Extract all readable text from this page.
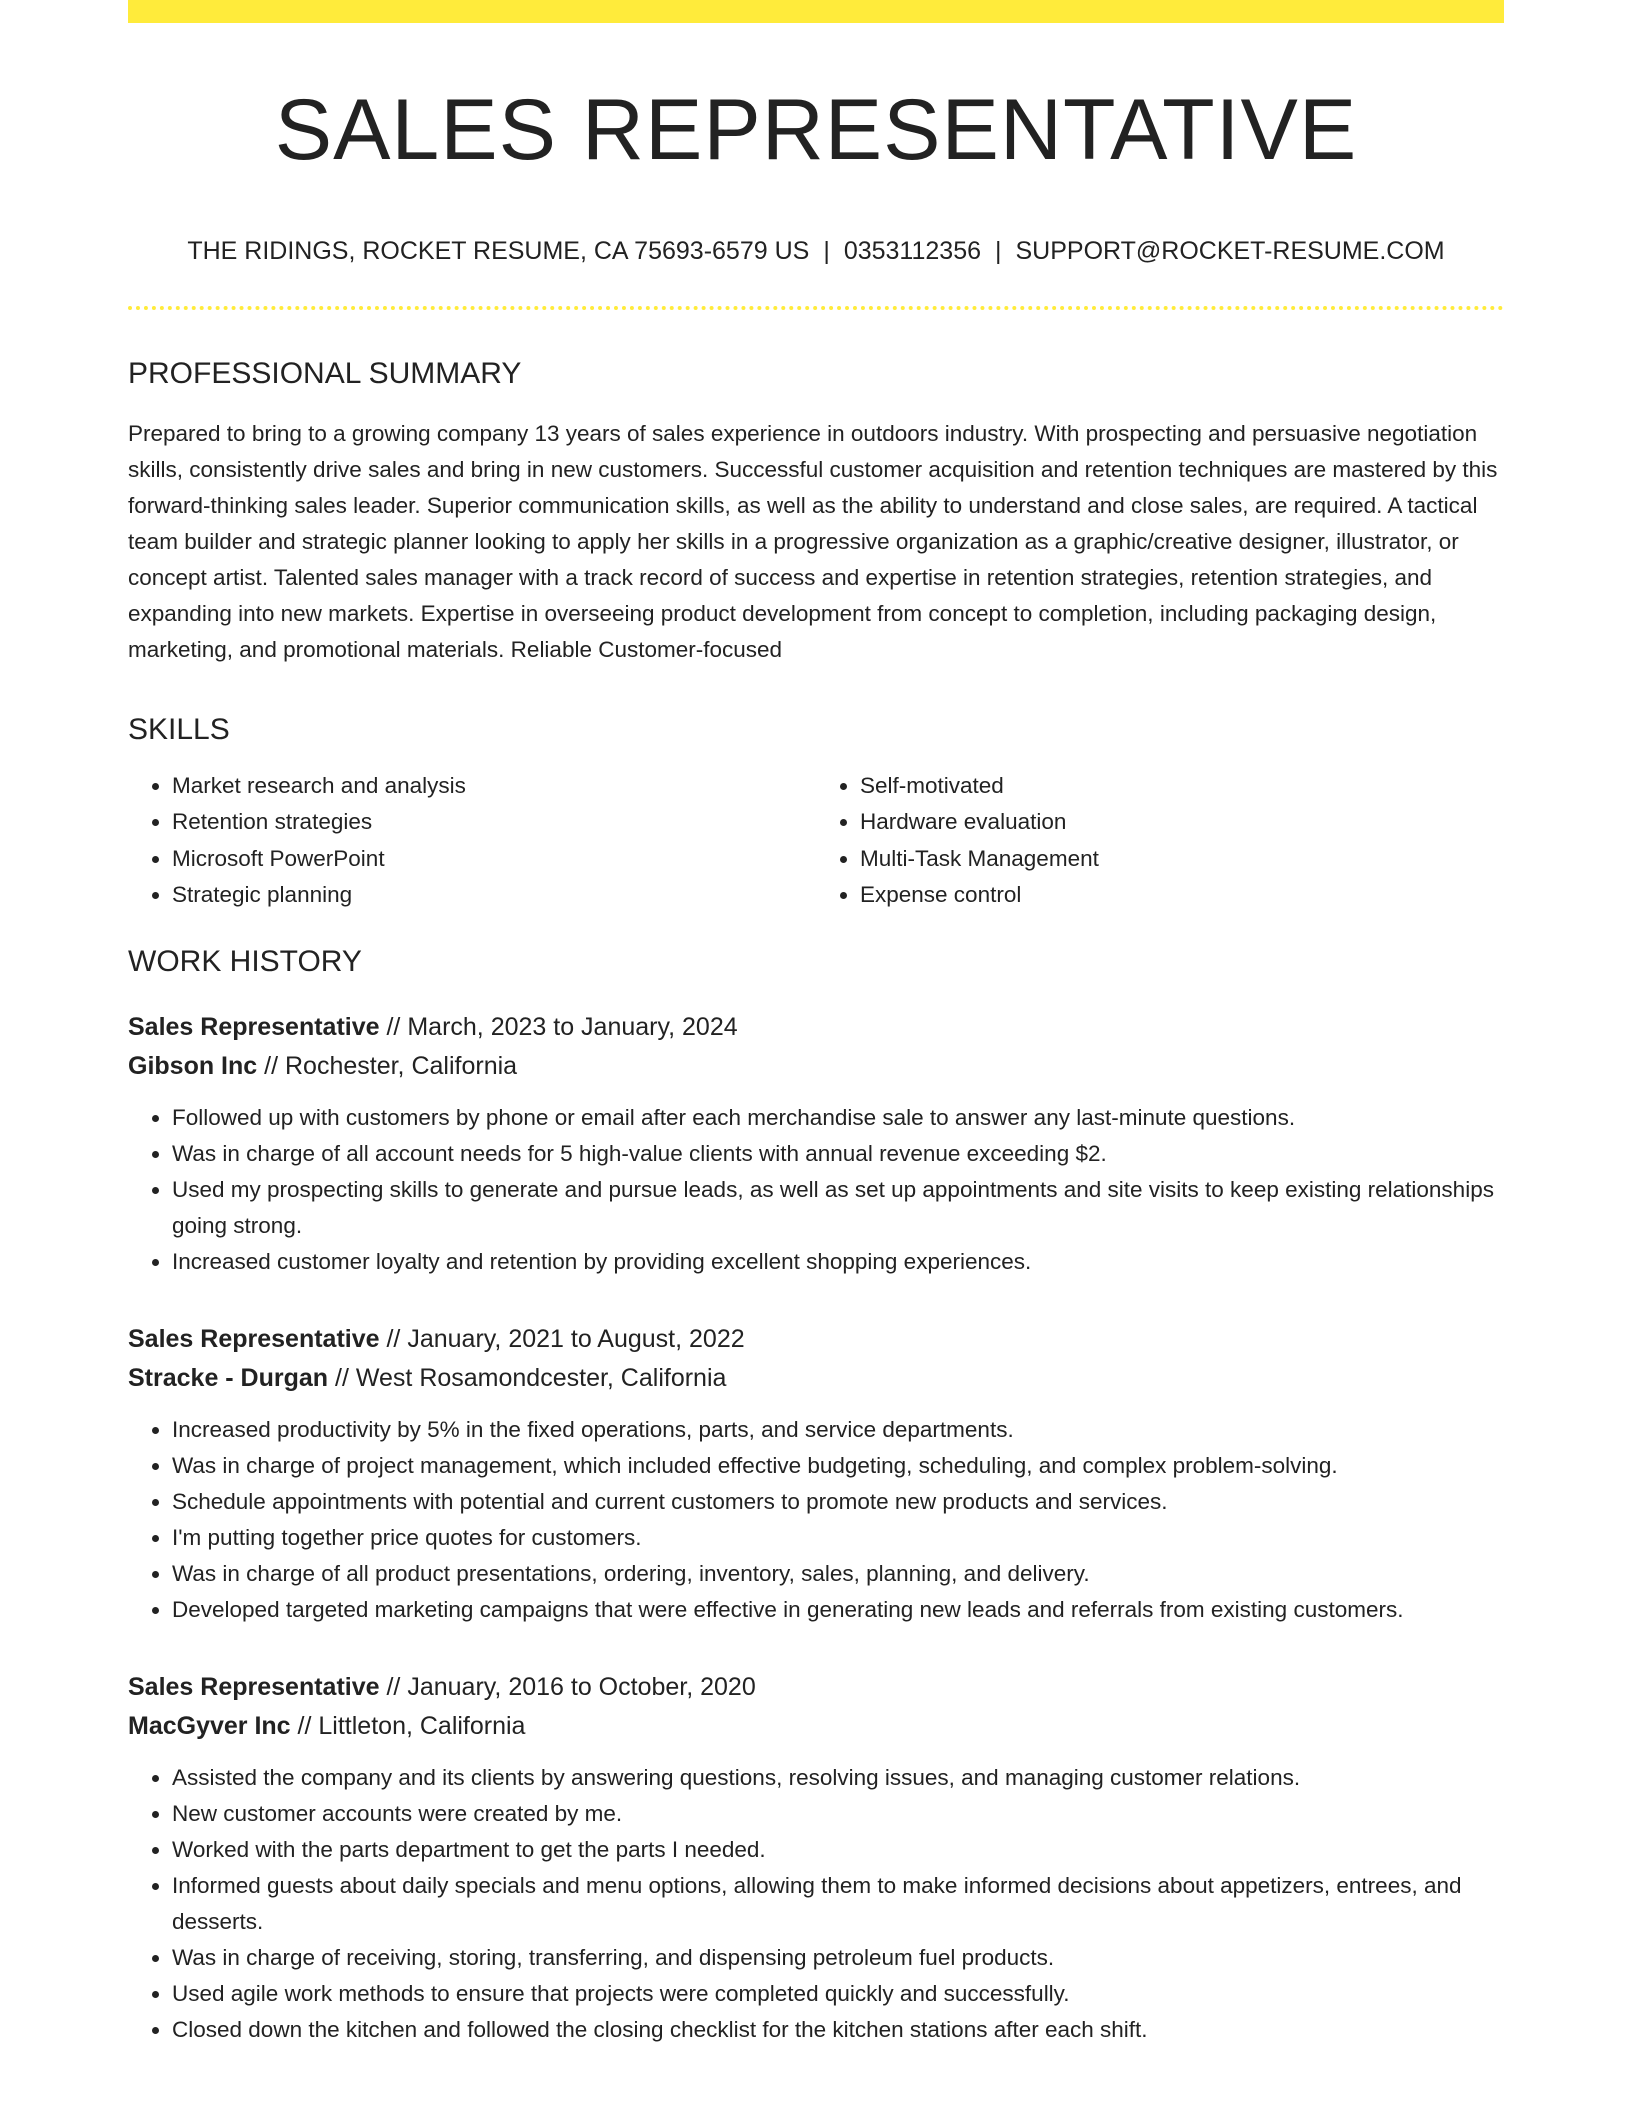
SALES REPRESENTATIVE
THE RIDINGS, ROCKET RESUME, CA 75693-6579 US | 0353112356 | SUPPORT@ROCKET-RESUME.COM
PROFESSIONAL SUMMARY

Prepared to bring to a growing company 13 years of sales experience in outdoors industry. With prospecting and persuasive negotiation skills, consistently drive sales and bring in new customers. Successful customer acquisition and retention techniques are mastered by this forward-thinking sales leader. Superior communication skills, as well as the ability to understand and close sales, are required. A tactical team builder and strategic planner looking to apply her skills in a progressive organization as a graphic/creative designer, illustrator, or concept artist. Talented sales manager with a track record of success and expertise in retention strategies, retention strategies, and expanding into new markets. Expertise in overseeing product development from concept to completion, including packaging design, marketing, and promotional materials. Reliable Customer-focused

SKILLS
• Market research and analysis
• Retention strategies
• Microsoft PowerPoint
• Strategic planning
• Self-motivated
• Hardware evaluation
• Multi-Task Management
• Expense control
WORK HISTORY
Sales Representative // March, 2023 to January, 2024
Gibson Inc // Rochester, California
• Followed up with customers by phone or email after each merchandise sale to answer any last-minute questions.
• Was in charge of all account needs for 5 high-value clients with annual revenue exceeding $2.
• Used my prospecting skills to generate and pursue leads, as well as set up appointments and site visits to keep existing relationships going strong.
• Increased customer loyalty and retention by providing excellent shopping experiences.
Sales Representative // January, 2021 to August, 2022
Stracke - Durgan // West Rosamondcester, California
• Increased productivity by 5% in the fixed operations, parts, and service departments.
• Was in charge of project management, which included effective budgeting, scheduling, and complex problem-solving.
• Schedule appointments with potential and current customers to promote new products and services.
• I'm putting together price quotes for customers.
• Was in charge of all product presentations, ordering, inventory, sales, planning, and delivery.
• Developed targeted marketing campaigns that were effective in generating new leads and referrals from existing customers.
Sales Representative // January, 2016 to October, 2020
MacGyver Inc // Littleton, California
• Assisted the company and its clients by answering questions, resolving issues, and managing customer relations.
• New customer accounts were created by me.
• Worked with the parts department to get the parts I needed.
• Informed guests about daily specials and menu options, allowing them to make informed decisions about appetizers, entrees, and desserts.
• Was in charge of receiving, storing, transferring, and dispensing petroleum fuel products.
• Used agile work methods to ensure that projects were completed quickly and successfully.
• Closed down the kitchen and followed the closing checklist for the kitchen stations after each shift.
